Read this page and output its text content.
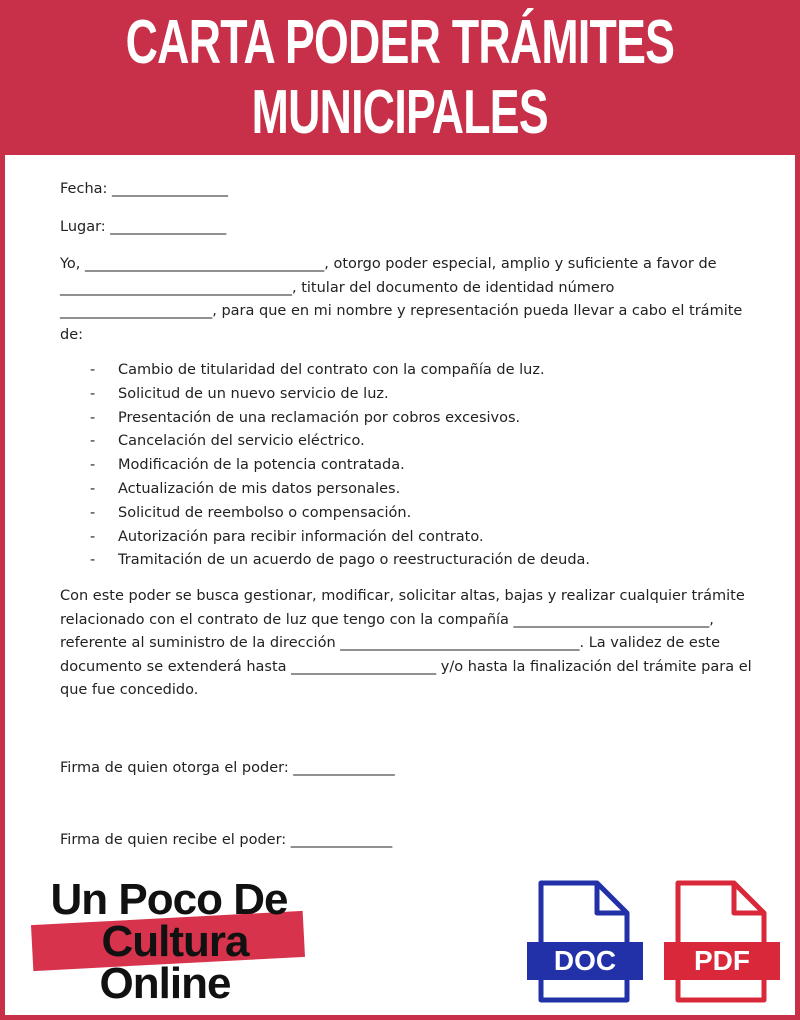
CARTA PODER TRÁMITES
MUNICIPALES

Fecha: ________________

Lugar: ________________

Yo, _________________________________, otorgo poder especial, amplio y suficiente a favor de ________________________________, titular del documento de identidad número _____________________, para que en mi nombre y representación pueda llevar a cabo el trámite de:

-	Cambio de titularidad del contrato con la compañía de luz.
-	Solicitud de un nuevo servicio de luz.
-	Presentación de una reclamación por cobros excesivos.
-	Cancelación del servicio eléctrico.
-	Modificación de la potencia contratada.
-	Actualización de mis datos personales.
-	Solicitud de reembolso o compensación.
-	Autorización para recibir información del contrato.
-	Tramitación de un acuerdo de pago o reestructuración de deuda.

Con este poder se busca gestionar, modificar, solicitar altas, bajas y realizar cualquier trámite relacionado con el contrato de luz que tengo con la compañía ___________________________, referente al suministro de la dirección _________________________________. La validez de este documento se extenderá hasta ____________________ y/o hasta la finalización del trámite para el que fue concedido.

Firma de quien otorga el poder: ______________

Firma de quien recibe el poder: ______________

Un Poco De
Cultura
Online	DOC	PDF
